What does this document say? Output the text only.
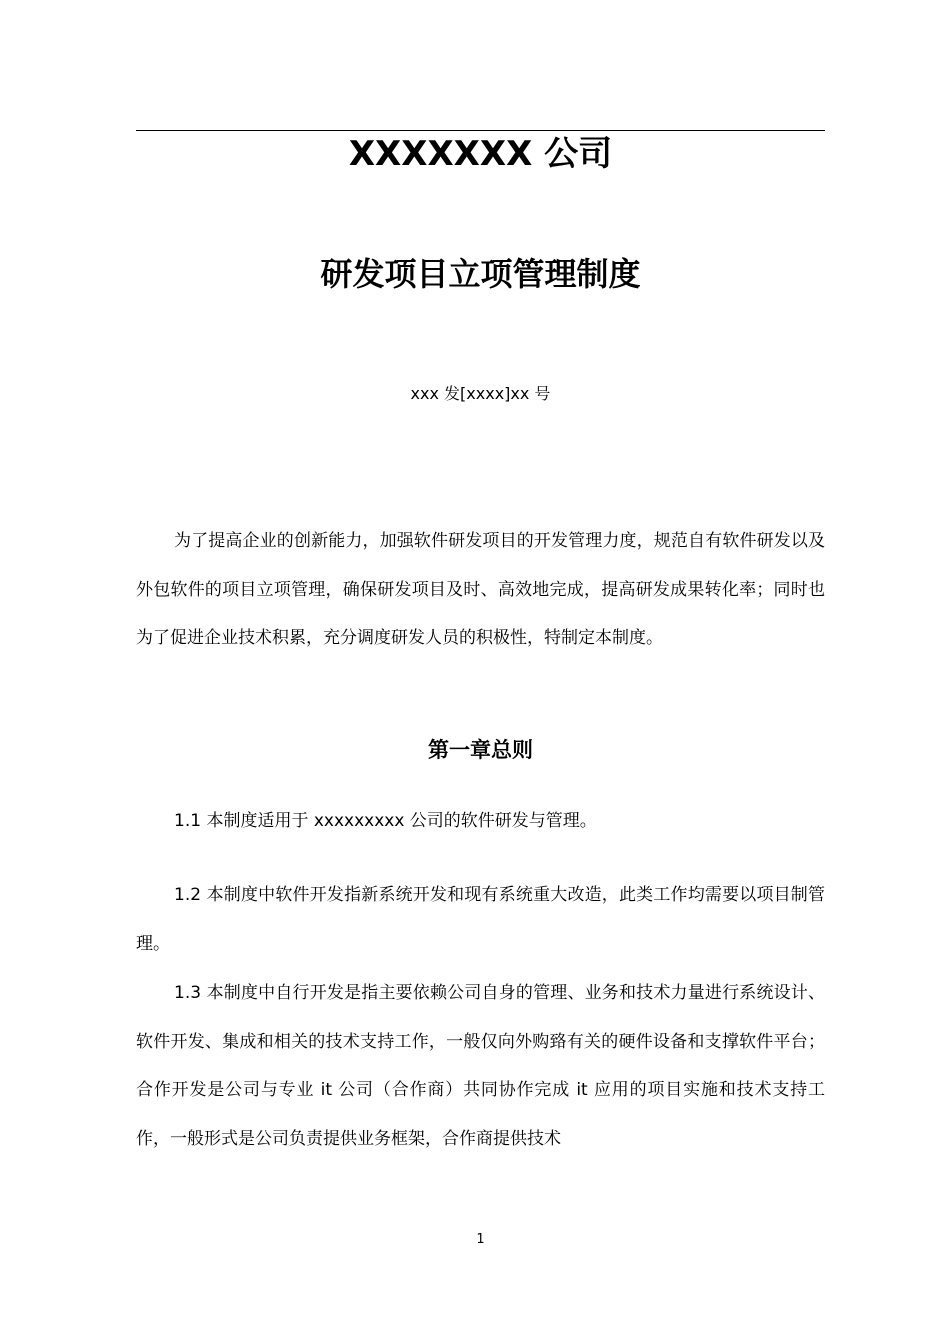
XXXXXXX 公司
研发项目立项管理制度
xxx 发[xxxx]xx 号

为了提高企业的创新能力，加强软件研发项目的开发管理力度，规范自有软件研发以及外包软件的项目立项管理，确保研发项目及时、高效地完成，提高研发成果转化率；同时也为了促进企业技术积累，充分调度研发人员的积极性，特制定本制度。

第一章总则

1.1 本制度适用于 xxxxxxxxx 公司的软件研发与管理。

1.2 本制度中软件开发指新系统开发和现有系统重大改造，此类工作均需要以项目制管理。

1.3 本制度中自行开发是指主要依赖公司自身的管理、业务和技术力量进行系统设计、软件开发、集成和相关的技术支持工作，一般仅向外购臵有关的硬件设备和支撑软件平台；合作开发是公司与专业 it 公司（合作商）共同协作完成 it 应用的项目实施和技术支持工作，一般形式是公司负责提供业务框架，合作商提供技术

1
